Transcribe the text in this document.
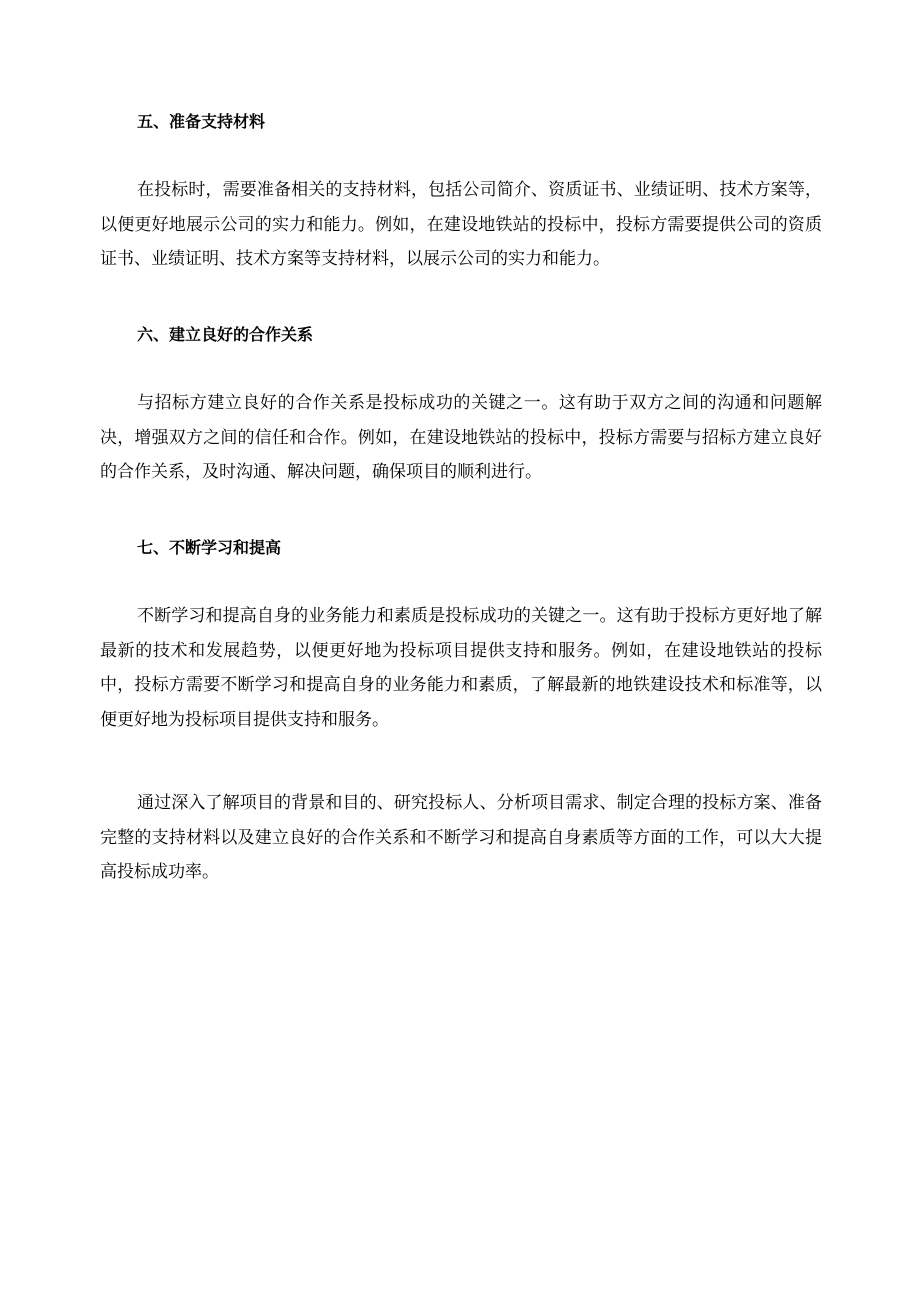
五、准备支持材料

在投标时，需要准备相关的支持材料，包括公司简介、资质证书、业绩证明、技术方案等，以便更好地展示公司的实力和能力。例如，在建设地铁站的投标中，投标方需要提供公司的资质证书、业绩证明、技术方案等支持材料，以展示公司的实力和能力。

六、建立良好的合作关系

与招标方建立良好的合作关系是投标成功的关键之一。这有助于双方之间的沟通和问题解决，增强双方之间的信任和合作。例如，在建设地铁站的投标中，投标方需要与招标方建立良好的合作关系，及时沟通、解决问题，确保项目的顺利进行。

七、不断学习和提高

不断学习和提高自身的业务能力和素质是投标成功的关键之一。这有助于投标方更好地了解最新的技术和发展趋势，以便更好地为投标项目提供支持和服务。例如，在建设地铁站的投标中，投标方需要不断学习和提高自身的业务能力和素质，了解最新的地铁建设技术和标准等，以便更好地为投标项目提供支持和服务。

通过深入了解项目的背景和目的、研究投标人、分析项目需求、制定合理的投标方案、准备完整的支持材料以及建立良好的合作关系和不断学习和提高自身素质等方面的工作，可以大大提高投标成功率。
